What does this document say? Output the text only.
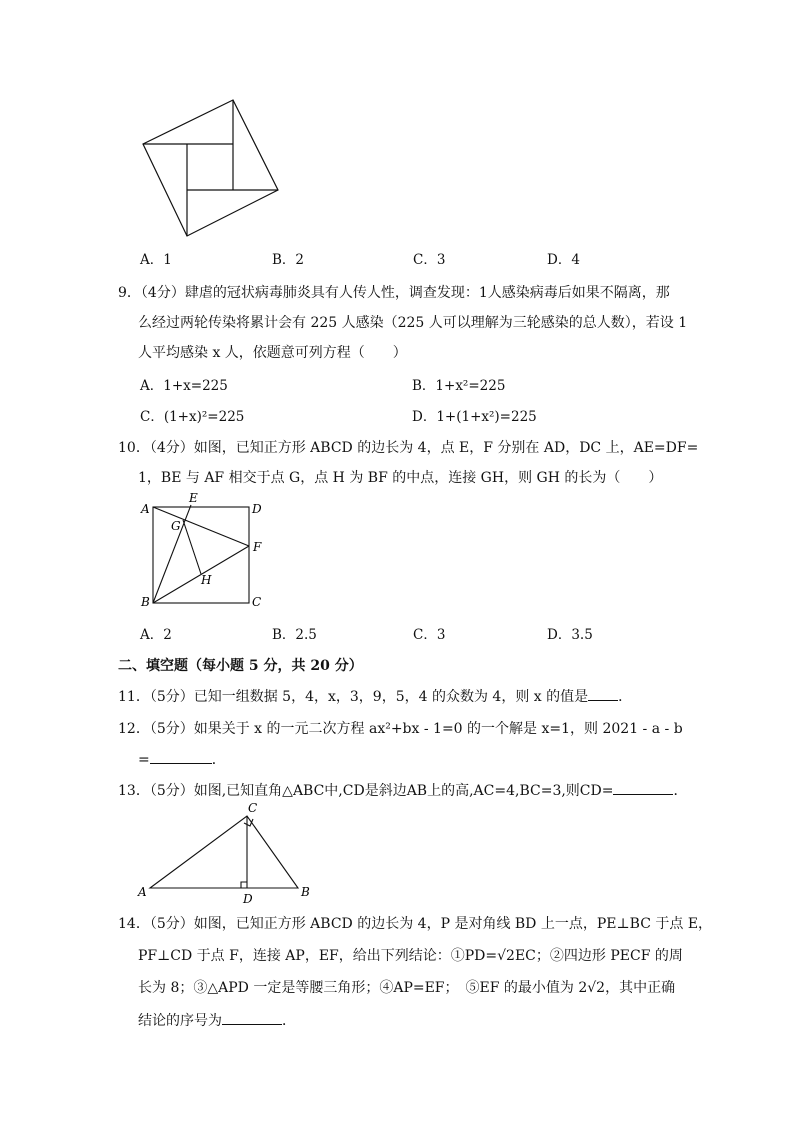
A．1	B．2	C．3	D．4
9．（4分）肆虐的冠状病毒肺炎具有人传人性，调查发现：1人感染病毒后如果不隔离，那
么经过两轮传染将累计会有 225 人感染（225 人可以理解为三轮感染的总人数），若设 1
人平均感染 x 人，依题意可列方程（　　）
A．1+x=225	B．1+x²=225
C．(1+x)²=225	D．1+(1+x²)=225
10．（4分）如图，已知正方形 ABCD 的边长为 4，点 E，F 分别在 AD，DC 上，AE=DF=
1，BE 与 AF 相交于点 G，点 H 为 BF 的中点，连接 GH，则 GH 的长为（　　）
A
E
D
G
F
H
B	C
A．2	B．2.5	C．3	D．3.5
二、填空题（每小题 5 分，共 20 分）
11．（5分）已知一组数据 5，4，x，3，9，5，4 的众数为 4，则 x 的值是 ．
12．（5分）如果关于 x 的一元二次方程 ax²+bx - 1=0 的一个解是 x=1，则 2021 - a - b
=	．
13．（5分）如图,已知直角△ABC中,CD是斜边AB上的高,AC=4,BC=3,则CD=	．
C
A	B
D
14．（5分）如图，已知正方形 ABCD 的边长为 4，P 是对角线 BD 上一点，PE⊥BC 于点 E，
PF⊥CD 于点 F，连接 AP，EF，给出下列结论：①PD=√2EC；②四边形 PECF 的周
长为 8；③△APD 一定是等腰三角形；④AP=EF；　⑤EF 的最小值为 2√2，其中正确
结论的序号为	．
